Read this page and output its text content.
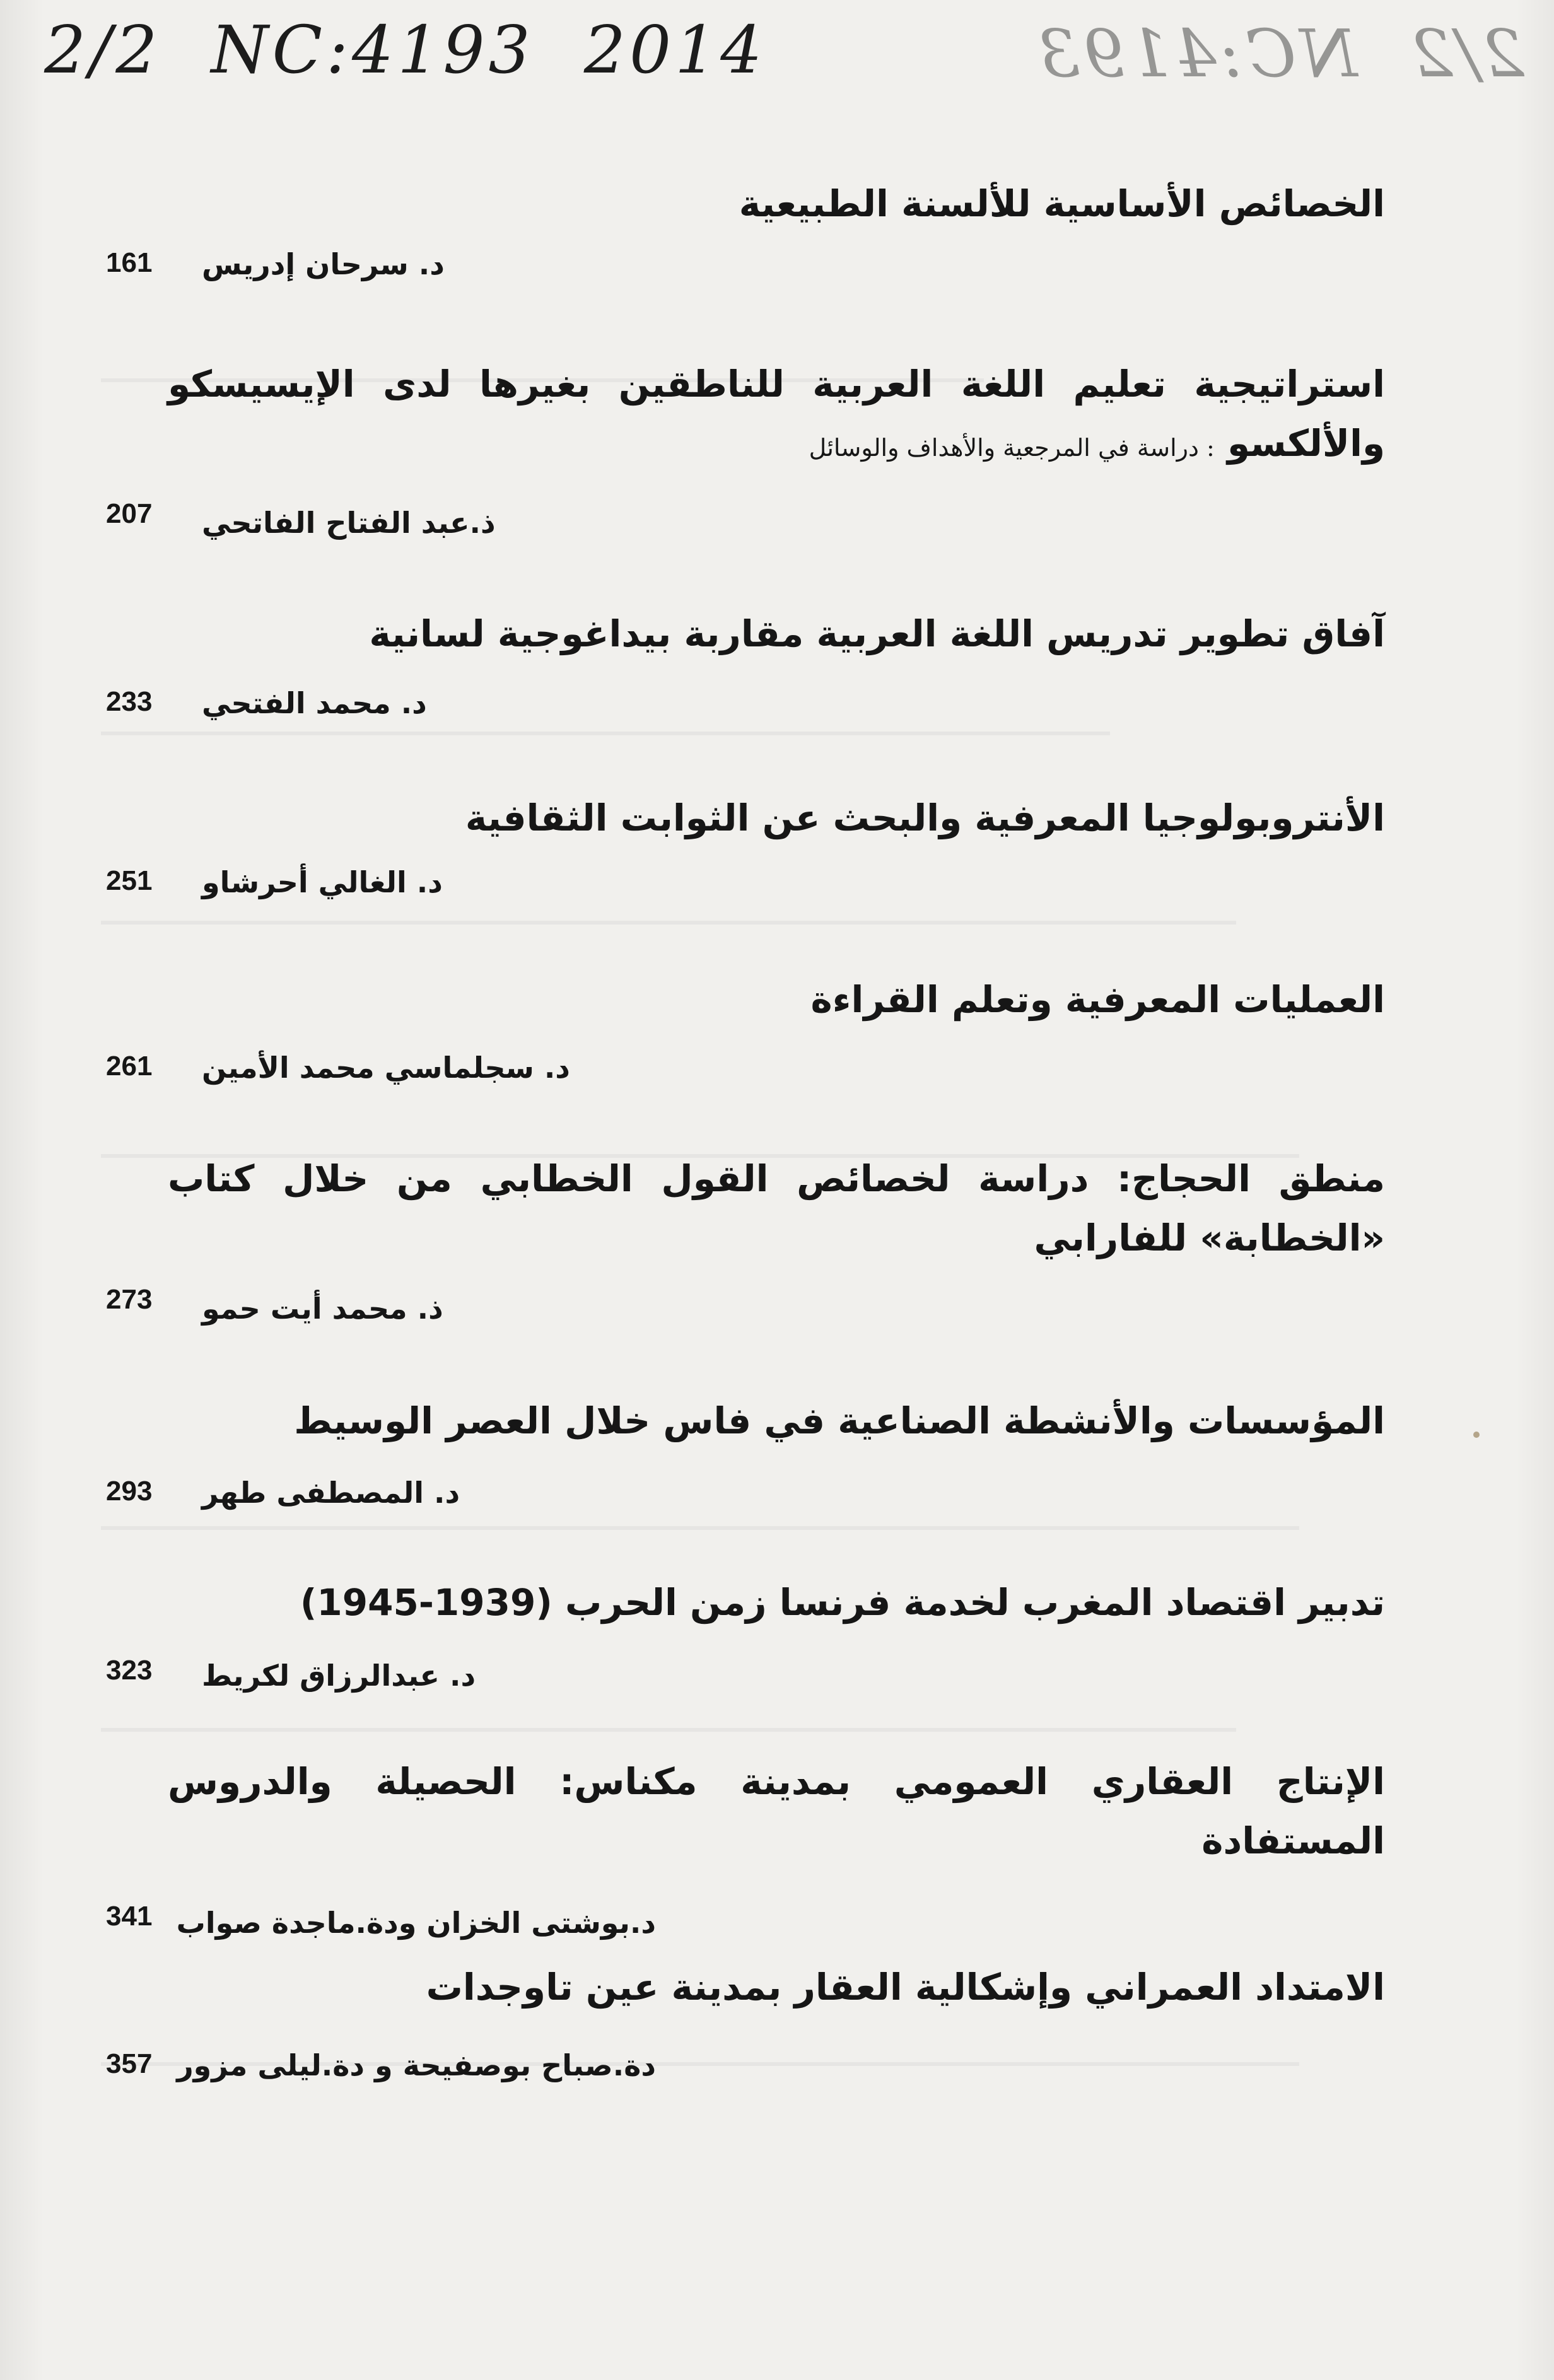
2/2 NC:4193 2014	2/2 NC:4193
الخصائص الأساسية للألسنة الطبيعية
د. سرحان إدريس
161
استراتيجية تعليم اللغة العربية للناطقين بغيرها لدى الإيسيسكو والألكسو : دراسة في المرجعية والأهداف والوسائل
ذ.عبد الفتاح الفاتحي
207
آفاق تطوير تدريس اللغة العربية مقاربة بيداغوجية لسانية
د. محمد الفتحي
233
الأنتروبولوجيا المعرفية والبحث عن الثوابت الثقافية
د. الغالي أحرشاو
251
العمليات المعرفية وتعلم القراءة
د. سجلماسي محمد الأمين
261
منطق الحجاج: دراسة لخصائص القول الخطابي من خلال كتاب «الخطابة» للفارابي
ذ. محمد أيت حمو
273
المؤسسات والأنشطة الصناعية في فاس خلال العصر الوسيط
د. المصطفى طهر
293
تدبير اقتصاد المغرب لخدمة فرنسا زمن الحرب (1939-1945)
د. عبدالرزاق لكريط
323
الإنتاج العقاري العمومي بمدينة مكناس: الحصيلة والدروس المستفادة
د.بوشتى الخزان ودة.ماجدة صواب
341
الامتداد العمراني وإشكالية العقار بمدينة عين تاوجدات
دة.صباح بوصفيحة و دة.ليلى مزور
357
